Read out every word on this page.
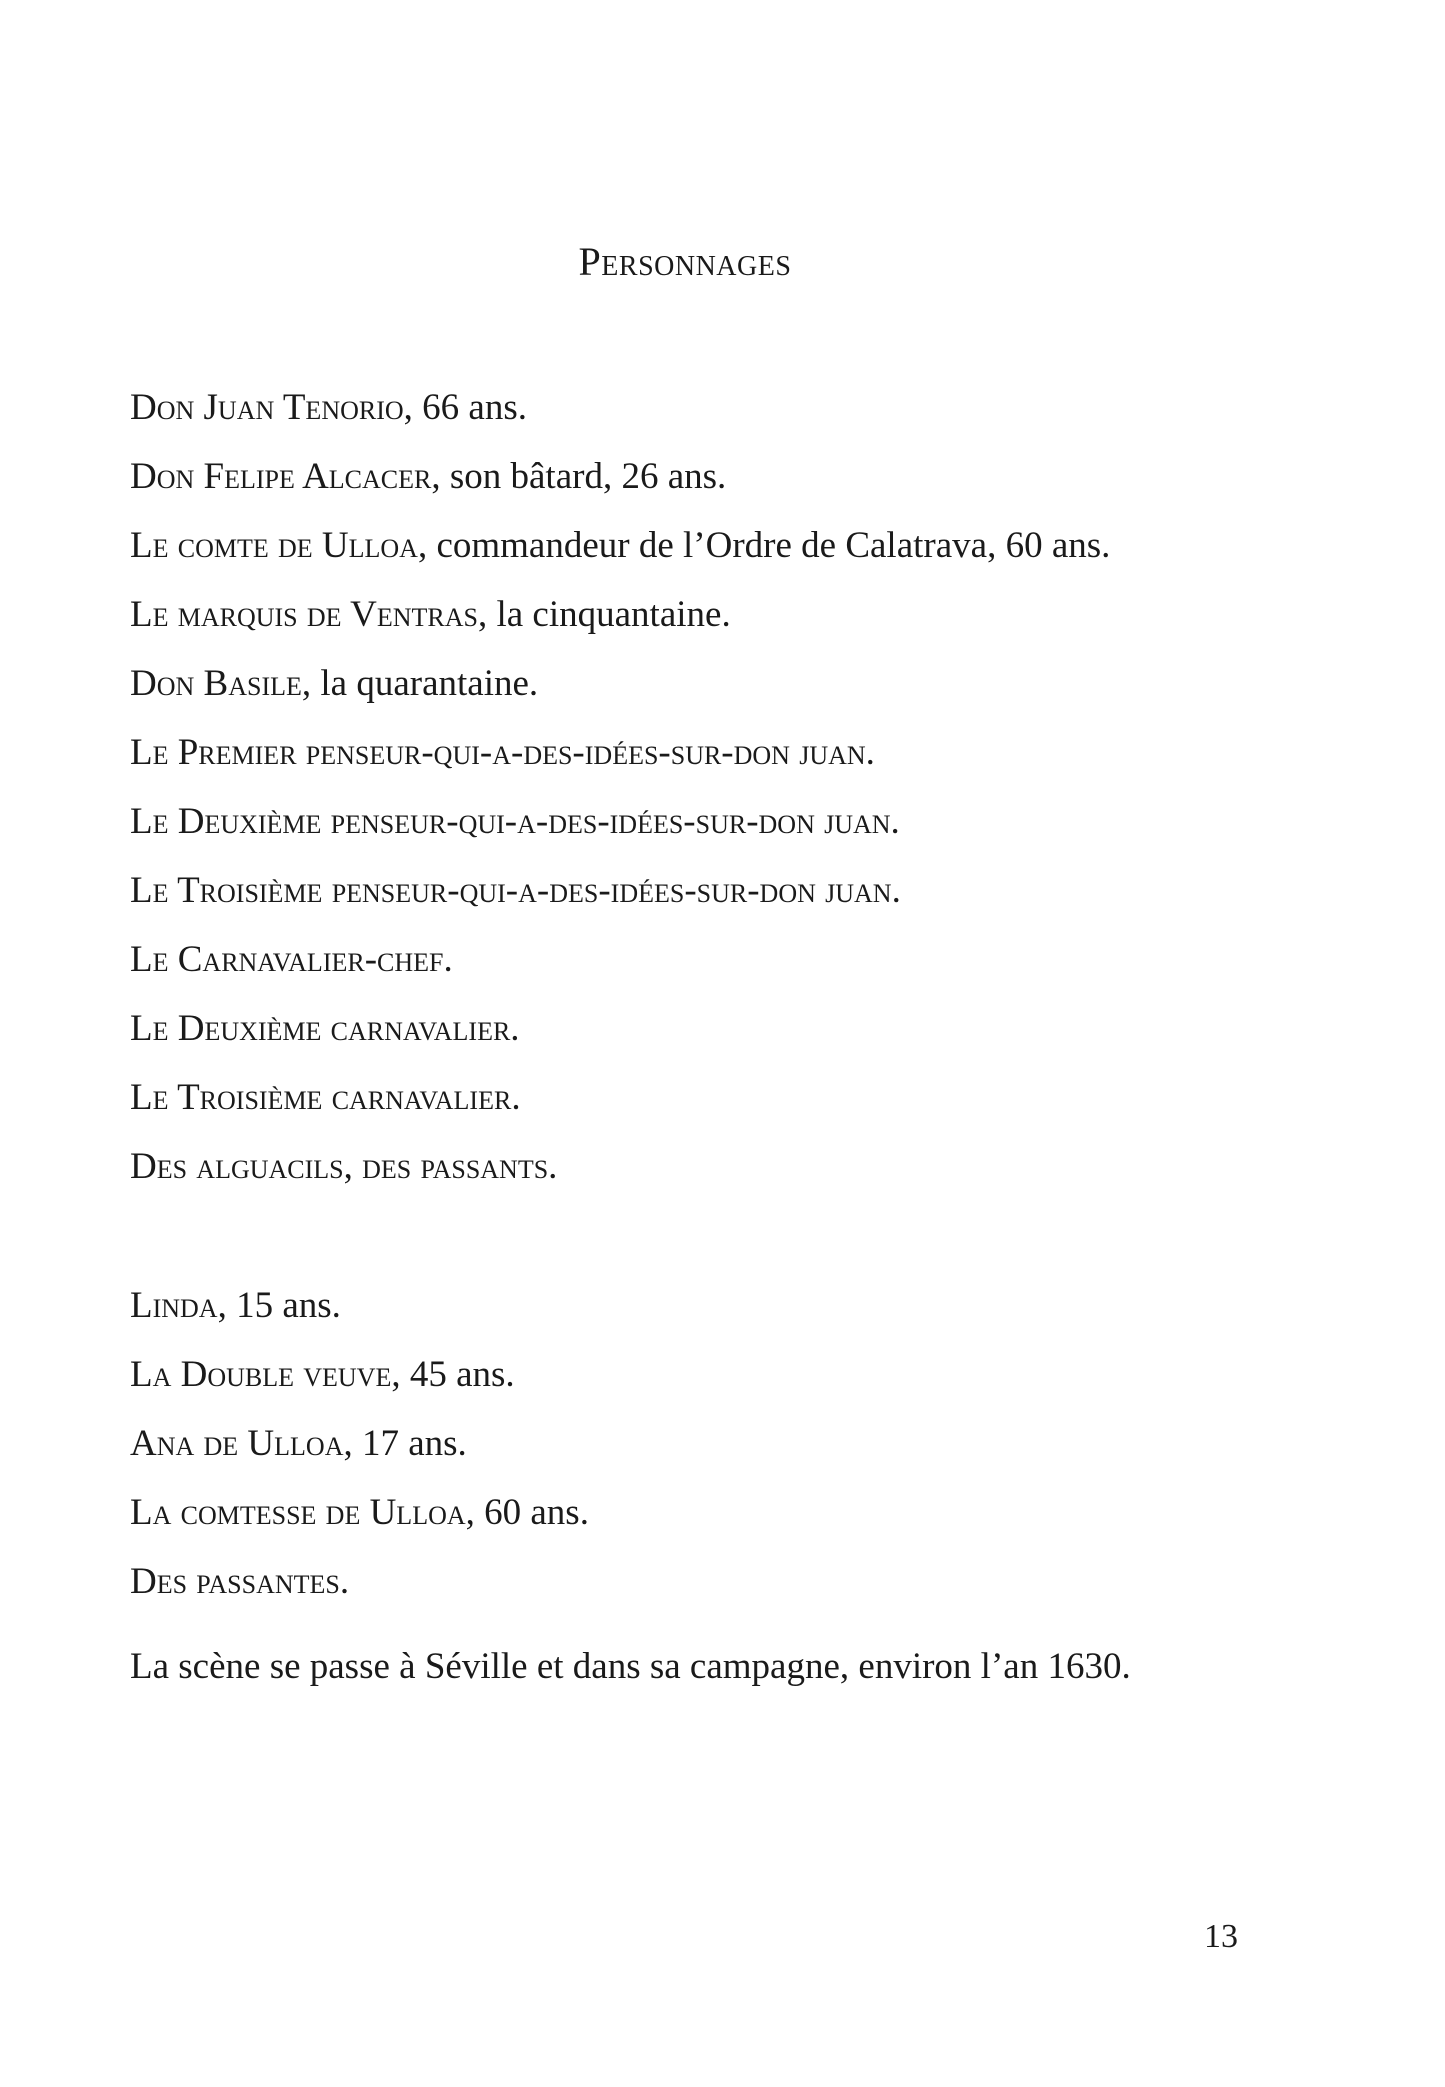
Personnages
Don Juan Tenorio, 66 ans.
Don Felipe Alcacer, son bâtard, 26 ans.
Le comte de Ulloa, commandeur de l’Ordre de Calatrava, 60 ans.
Le marquis de Ventras, la cinquantaine.
Don Basile, la quarantaine.
Le Premier penseur-qui-a-des-idées-sur-don juan.
Le Deuxième penseur-qui-a-des-idées-sur-don juan.
Le Troisième penseur-qui-a-des-idées-sur-don juan.
Le Carnavalier-chef.
Le Deuxième carnavalier.
Le Troisième carnavalier.
Des alguacils, des passants.
Linda, 15 ans.
La Double veuve, 45 ans.
Ana de Ulloa, 17 ans.
La comtesse de Ulloa, 60 ans.
Des passantes.

La scène se passe à Séville et dans sa campagne, environ l’an 1630.

13
